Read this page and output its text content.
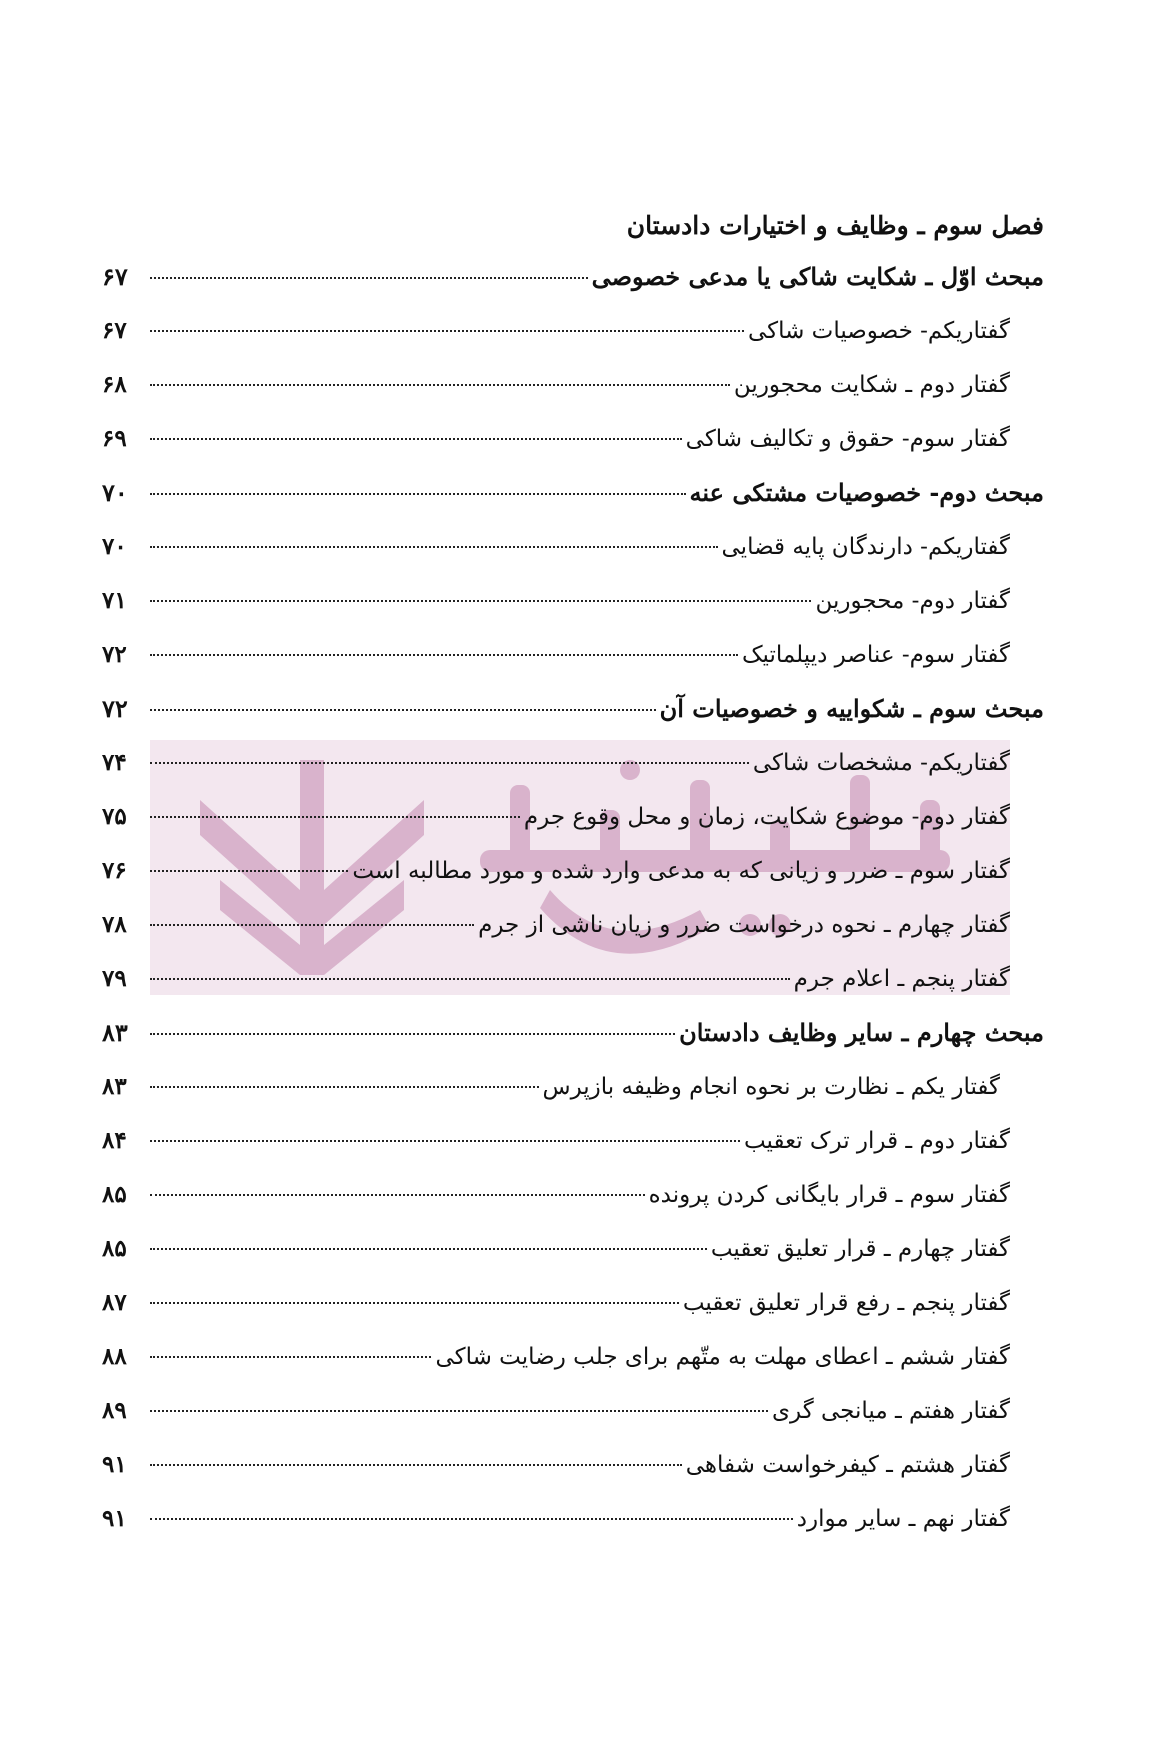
فصل سوم ـ وظایف و اختیارات دادستان
مبحث اوّل ـ شکایت شاکی یا مدعی خصوصی
۶۷
گفتاریکم- خصوصیات شاکی
۶۷
گفتار دوم ـ شکایت محجورین
۶۸
گفتار سوم- حقوق و تکالیف شاکی
۶۹
مبحث دوم- خصوصیات مشتکی عنه
۷۰
گفتاریکم- دارندگان پایه قضایی
۷۰
گفتار دوم- محجورین
۷۱
گفتار سوم- عناصر دیپلماتیک
۷۲
مبحث سوم ـ شکواییه و خصوصیات آن
۷۲
گفتاریکم- مشخصات شاکی
۷۴
گفتار دوم- موضوع شکایت، زمان و محل وقوع جرم
۷۵
گفتار سوم ـ ضرر و زیانی که به مدعی وارد شده و مورد مطالبه است
۷۶
گفتار چهارم ـ نحوه درخواست ضرر و زیان ناشی از جرم
۷۸
گفتار پنجم ـ اعلام جرم
۷۹
مبحث چهارم ـ سایر وظایف دادستان
۸۳
گفتار یکم ـ نظارت بر نحوه انجام وظیفه بازپرس
۸۳
گفتار دوم ـ قرار ترک تعقیب
۸۴
گفتار سوم ـ قرار بایگانی کردن پرونده
۸۵
گفتار چهارم ـ قرار تعلیق تعقیب
۸۵
گفتار پنجم ـ رفع قرار تعلیق تعقیب
۸۷
گفتار ششم ـ اعطای مهلت به متّهم برای جلب رضایت شاکی
۸۸
گفتار هفتم ـ میانجی گری
۸۹
گفتار هشتم ـ کیفرخواست شفاهی
۹۱
گفتار نهم ـ سایر موارد
۹۱
